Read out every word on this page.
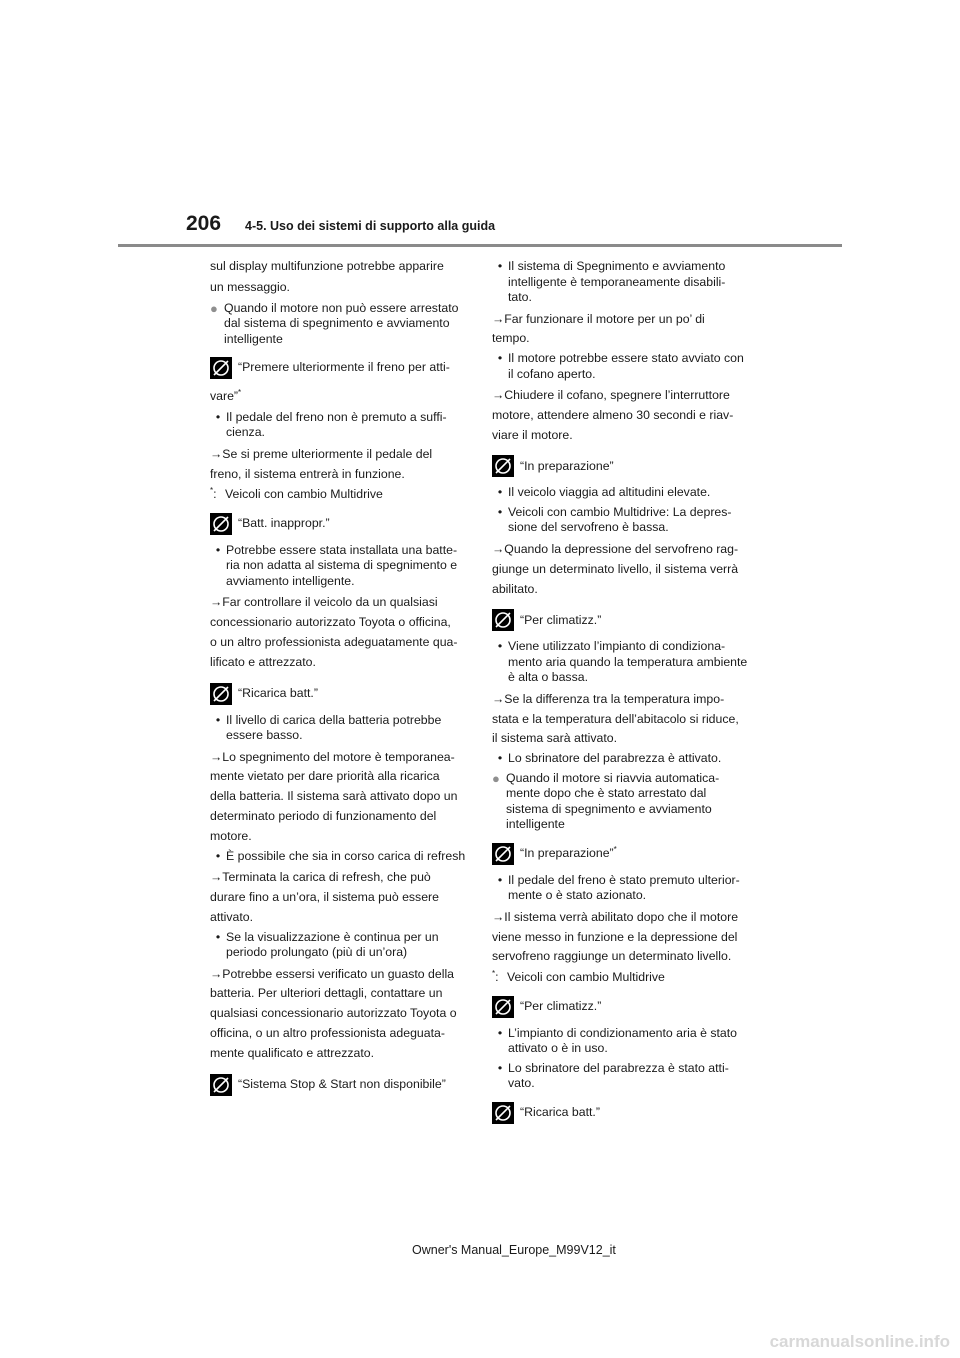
206 4-5. Uso dei sistemi di supporto alla guida

sul display multifunzione potrebbe apparire

un messaggio.

● Quando il motore non può essere arrestato dal sistema di spegnimento e avviamento intelligente
“Premere ulteriormente il freno per atti-

vare”*

• Il pedale del freno non è premuto a suffi- cienza.

→Se si preme ulteriormente il pedale del

freno, il sistema entrerà in funzione.

*: Veicoli con cambio Multidrive
“Batt. inappropr.”
• Potrebbe essere stata installata una batte- ria non adatta al sistema di spegnimento e avviamento intelligente.

→Far controllare il veicolo da un qualsiasi

concessionario autorizzato Toyota o officina,

o un altro professionista adeguatamente qua-

lificato e attrezzato.

“Ricarica batt.”
• Il livello di carica della batteria potrebbe essere basso.

→Lo spegnimento del motore è temporanea-

mente vietato per dare priorità alla ricarica

della batteria. Il sistema sarà attivato dopo un

determinato periodo di funzionamento del

motore.

• È possibile che sia in corso carica di refresh

→Terminata la carica di refresh, che può

durare fino a un’ora, il sistema può essere

attivato.

• Se la visualizzazione è continua per un periodo prolungato (più di un’ora)

→Potrebbe essersi verificato un guasto della

batteria. Per ulteriori dettagli, contattare un

qualsiasi concessionario autorizzato Toyota o

officina, o un altro professionista adeguata-

mente qualificato e attrezzato.

“Sistema Stop & Start non disponibile”
• Il sistema di Spegnimento e avviamento intelligente è temporaneamente disabili- tato.

→Far funzionare il motore per un po’ di

tempo.

• Il motore potrebbe essere stato avviato con il cofano aperto.

→Chiudere il cofano, spegnere l’interruttore

motore, attendere almeno 30 secondi e riav-

viare il motore.

“In preparazione”
• Il veicolo viaggia ad altitudini elevate.
• Veicoli con cambio Multidrive: La depres- sione del servofreno è bassa.

→Quando la depressione del servofreno rag-

giunge un determinato livello, il sistema verrà

abilitato.

“Per climatizz.”
• Viene utilizzato l’impianto di condiziona- mento aria quando la temperatura ambiente è alta o bassa.

→Se la differenza tra la temperatura impo-

stata e la temperatura dell’abitacolo si riduce,

il sistema sarà attivato.

• Lo sbrinatore del parabrezza è attivato.
● Quando il motore si riavvia automatica- mente dopo che è stato arrestato dal sistema di spegnimento e avviamento intelligente
“In preparazione”*
• Il pedale del freno è stato premuto ulterior- mente o è stato azionato.

→Il sistema verrà abilitato dopo che il motore

viene messo in funzione e la depressione del

servofreno raggiunge un determinato livello.

*: Veicoli con cambio Multidrive
“Per climatizz.”
• L’impianto di condizionamento aria è stato attivato o è in uso.
• Lo sbrinatore del parabrezza è stato atti- vato.
“Ricarica batt.”
Owner's Manual_Europe_M99V12_it
carmanualsonline.info
